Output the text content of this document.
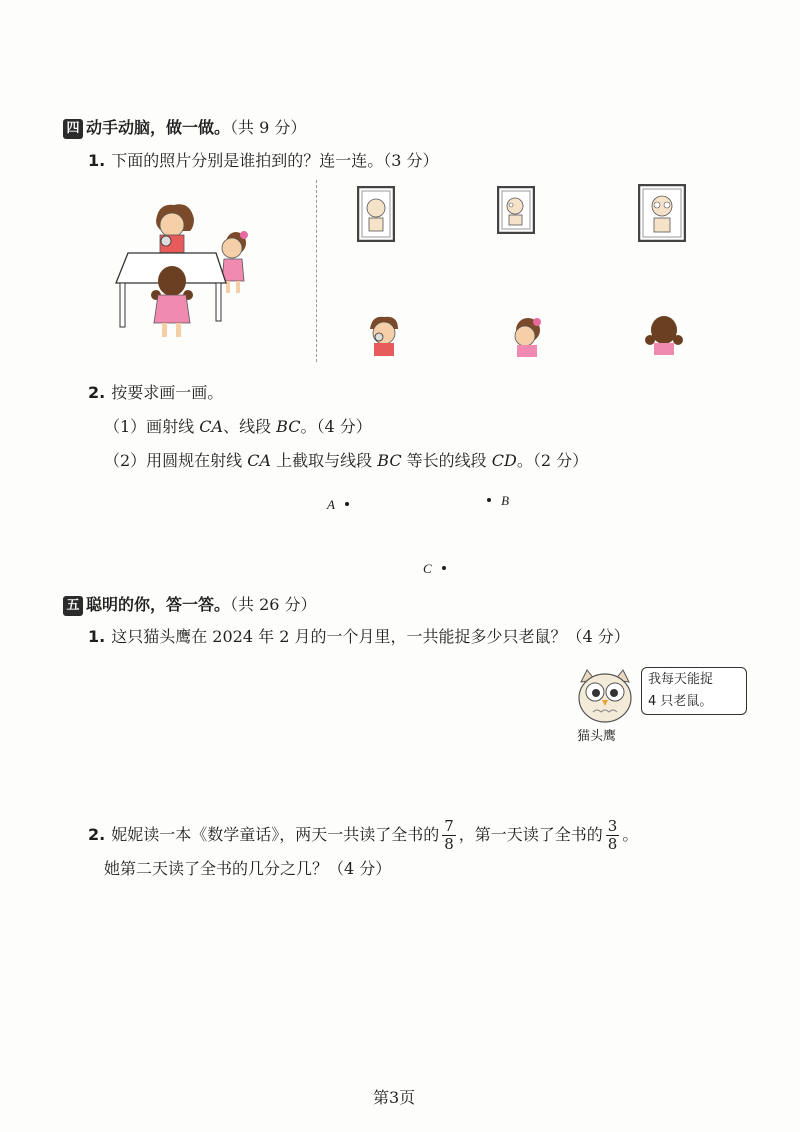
四 动手动脑，做一做。（共 9 分）
1. 下面的照片分别是谁拍到的？连一连。（3 分）
2. 按要求画一画。
（1）画射线 CA、线段 BC。（4 分）
（2）用圆规在射线 CA 上截取与线段 BC 等长的线段 CD。（2 分）
A	B
C
五 聪明的你，答一答。（共 26 分）
1. 这只猫头鹰在 2024 年 2 月的一个月里，一共能捉多少只老鼠？（4 分）
我每天能捉
4 只老鼠。
猫头鹰
2. 妮妮读一本《数学童话》，两天一共读了全书的 $\frac{7}{8}$ ，第一天读了全书的 $\frac{3}{8}$ 。
她第二天读了全书的几分之几？（4 分）
第3页
